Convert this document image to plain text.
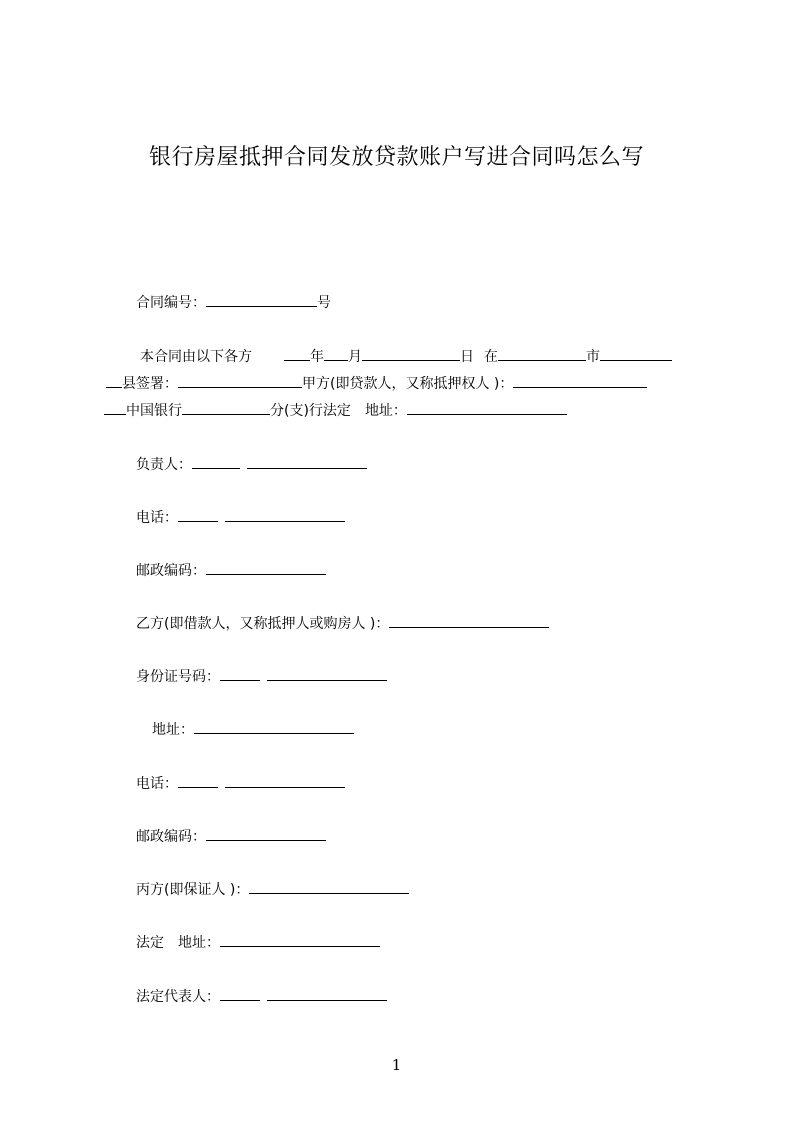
银行房屋抵押合同发放贷款账户写进合同吗怎么写
合同编号：	号
本合同由以下各方	年 月	日 在	市
县签署：	甲方(即贷款人，又称抵押权人 )：
中国银行	分(支)行法定 地址：
负责人：
电话：
邮政编码：
乙方(即借款人，又称抵押人或购房人 )：
身份证号码：
地址：
电话：
邮政编码：
丙方(即保证人 )：
法定 地址：
法定代表人：
1
